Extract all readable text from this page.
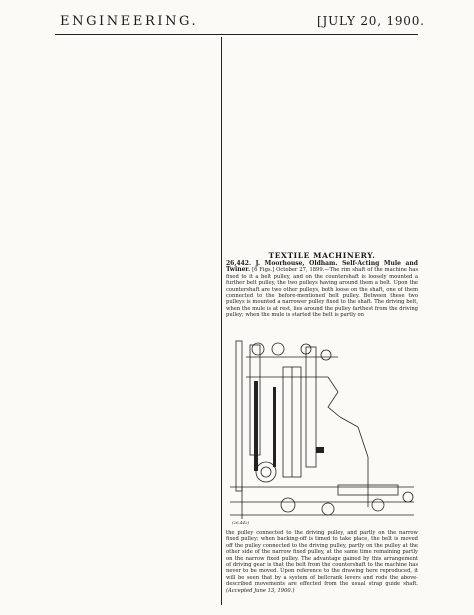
ENGINEERING.	[JULY 20, 1900.
TEXTILE MACHINERY.
26,442. J. Moorhouse, Oldham. Self-Acting Mule and Twiner. [6 Figs.] October 27, 1899.—The rim shaft of the machine has fixed to it a belt pulley, and on the countershaft is loosely mounted a further belt pulley, the two pulleys having around them a belt. Upon the countershaft are two other pulleys, both loose on the shaft, one of them connected to the before-mentioned belt pulley. Between these two pulleys is mounted a narrower pulley fixed to the shaft. The driving belt, when the mule is at rest, lies around the pulley farthest from the driving pulley; when the mule is started the belt is partly on
(26,442)
the pulley connected to the driving pulley, and partly on the narrow fixed pulley; when backing-off is timed to take place, the belt is moved off the pulley connected to the driving pulley, partly on the pulley at the other side of the narrow fixed pulley, at the same time remaining partly on the narrow fixed pulley. The advantage gained by this arrangement of driving gear is that the belt from the countershaft to the machine has never to be moved. Upon reference to the drawing here reproduced, it will be seen that by a system of bellcrank levers and rods the above-described movements are effected from the usual strap guide shaft. (Accepted June 13, 1900.)
